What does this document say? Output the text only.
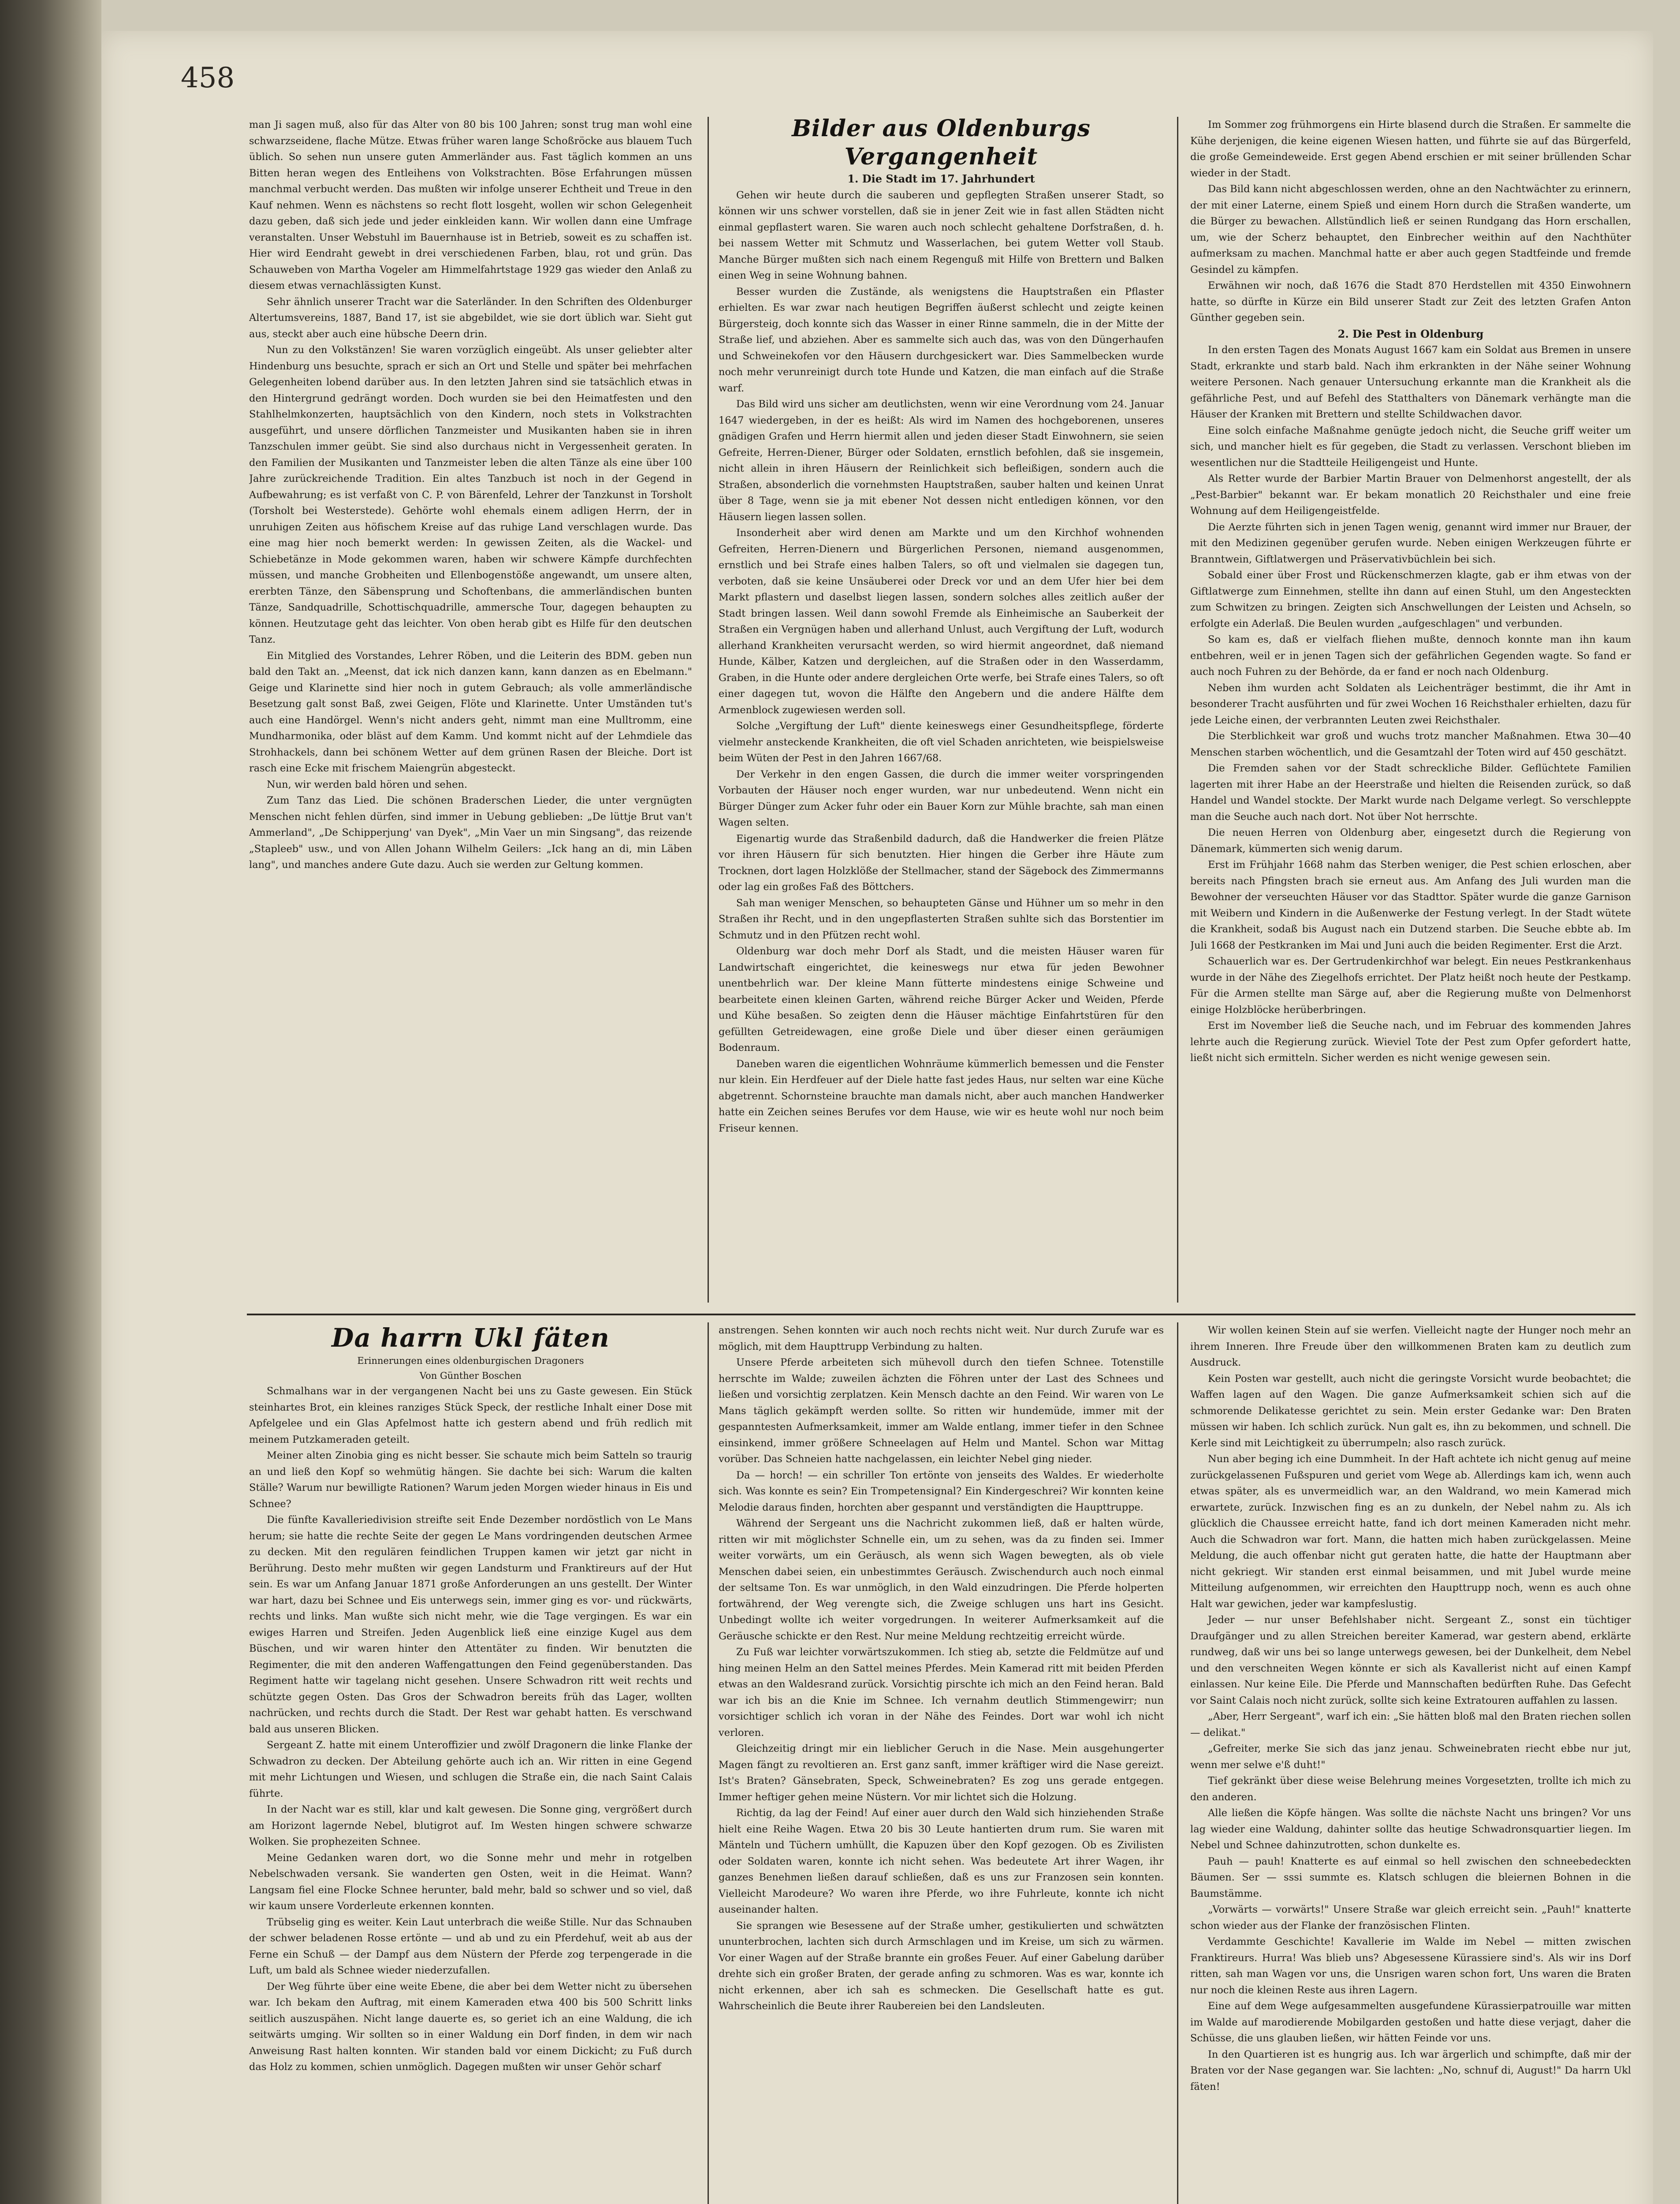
458

man Ji sagen muß, also für das Alter von 80 bis 100 Jahren; sonst trug man wohl eine schwarzseidene, flache Mütze. Etwas früher waren lange Schoßröcke aus blauem Tuch üblich. So sehen nun unsere guten Ammerländer aus. Fast täglich kommen an uns Bitten heran wegen des Entleihens von Volkstrachten. Böse Erfahrungen müssen manchmal verbucht werden. Das mußten wir infolge unserer Echtheit und Treue in den Kauf nehmen. Wenn es nächstens so recht flott losgeht, wollen wir schon Gelegenheit dazu geben, daß sich jede und jeder einkleiden kann. Wir wollen dann eine Umfrage veranstalten. Unser Webstuhl im Bauernhause ist in Betrieb, soweit es zu schaffen ist. Hier wird Eendraht gewebt in drei verschiedenen Farben, blau, rot und grün. Das Schauweben von Martha Vogeler am Himmelfahrtstage 1929 gas wieder den Anlaß zu diesem etwas vernachlässigten Kunst.

Sehr ähnlich unserer Tracht war die Saterländer. In den Schriften des Oldenburger Altertumsvereins, 1887, Band 17, ist sie abgebildet, wie sie dort üblich war. Sieht gut aus, steckt aber auch eine hübsche Deern drin.

Nun zu den Volkstänzen! Sie waren vorzüglich eingeübt. Als unser geliebter alter Hindenburg uns besuchte, sprach er sich an Ort und Stelle und später bei mehrfachen Gelegenheiten lobend darüber aus. In den letzten Jahren sind sie tatsächlich etwas in den Hintergrund gedrängt worden. Doch wurden sie bei den Heimatfesten und den Stahlhelmkonzerten, hauptsächlich von den Kindern, noch stets in Volkstrachten ausgeführt, und unsere dörflichen Tanzmeister und Musikanten haben sie in ihren Tanzschulen immer geübt. Sie sind also durchaus nicht in Vergessenheit geraten. In den Familien der Musikanten und Tanzmeister leben die alten Tänze als eine über 100 Jahre zurückreichende Tradition. Ein altes Tanzbuch ist noch in der Gegend in Aufbewahrung; es ist verfaßt von C. P. von Bärenfeld, Lehrer der Tanzkunst in Torsholt (Torsholt bei Westerstede). Gehörte wohl ehemals einem adligen Herrn, der in unruhigen Zeiten aus höfischem Kreise auf das ruhige Land verschlagen wurde. Das eine mag hier noch bemerkt werden: In gewissen Zeiten, als die Wackel- und Schiebetänze in Mode gekommen waren, haben wir schwere Kämpfe durchfechten müssen, und manche Grobheiten und Ellenbogenstöße angewandt, um unsere alten, ererbten Tänze, den Säbensprung und Schoftenbans, die ammerländischen bunten Tänze, Sandquadrille, Schottischquadrille, ammersche Tour, dagegen behaupten zu können. Heutzutage geht das leichter. Von oben herab gibt es Hilfe für den deutschen Tanz.

Ein Mitglied des Vorstandes, Lehrer Röben, und die Leiterin des BDM. geben nun bald den Takt an. „Meenst, dat ick nich danzen kann, kann danzen as en Ebelmann." Geige und Klarinette sind hier noch in gutem Gebrauch; als volle ammerländische Besetzung galt sonst Baß, zwei Geigen, Flöte und Klarinette. Unter Umständen tut's auch eine Handörgel. Wenn's nicht anders geht, nimmt man eine Mulltromm, eine Mundharmonika, oder bläst auf dem Kamm. Und kommt nicht auf der Lehmdiele das Strohhackels, dann bei schönem Wetter auf dem grünen Rasen der Bleiche. Dort ist rasch eine Ecke mit frischem Maiengrün abgesteckt.

Nun, wir werden bald hören und sehen.

Zum Tanz das Lied. Die schönen Braderschen Lieder, die unter vergnügten Menschen nicht fehlen dürfen, sind immer in Uebung geblieben: „De lüttje Brut van't Ammerland", „De Schipperjung' van Dyek", „Min Vaer un min Singsang", das reizende „Stapleeb" usw., und von Allen Johann Wilhelm Geilers: „Ick hang an di, min Läben lang", und manches andere Gute dazu. Auch sie werden zur Geltung kommen.

Bilder aus Oldenburgs Vergangenheit

1. Die Stadt im 17. Jahrhundert

Gehen wir heute durch die sauberen und gepflegten Straßen unserer Stadt, so können wir uns schwer vorstellen, daß sie in jener Zeit wie in fast allen Städten nicht einmal gepflastert waren. Sie waren auch noch schlecht gehaltene Dorfstraßen, d. h. bei nassem Wetter mit Schmutz und Wasserlachen, bei gutem Wetter voll Staub. Manche Bürger mußten sich nach einem Regenguß mit Hilfe von Brettern und Balken einen Weg in seine Wohnung bahnen.

Besser wurden die Zustände, als wenigstens die Hauptstraßen ein Pflaster erhielten. Es war zwar nach heutigen Begriffen äußerst schlecht und zeigte keinen Bürgersteig, doch konnte sich das Wasser in einer Rinne sammeln, die in der Mitte der Straße lief, und abziehen. Aber es sammelte sich auch das, was von den Düngerhaufen und Schweinekofen vor den Häusern durchgesickert war. Dies Sammelbecken wurde noch mehr verunreinigt durch tote Hunde und Katzen, die man einfach auf die Straße warf.

Das Bild wird uns sicher am deutlichsten, wenn wir eine Verordnung vom 24. Januar 1647 wiedergeben, in der es heißt: Als wird im Namen des hochgeborenen, unseres gnädigen Grafen und Herrn hiermit allen und jeden dieser Stadt Einwohnern, sie seien Gefreite, Herren-Diener, Bürger oder Soldaten, ernstlich befohlen, daß sie insgemein, nicht allein in ihren Häusern der Reinlichkeit sich befleißigen, sondern auch die Straßen, absonderlich die vornehmsten Hauptstraßen, sauber halten und keinen Unrat über 8 Tage, wenn sie ja mit ebener Not dessen nicht entledigen können, vor den Häusern liegen lassen sollen.

Insonderheit aber wird denen am Markte und um den Kirchhof wohnenden Gefreiten, Herren-Dienern und Bürgerlichen Personen, niemand ausgenommen, ernstlich und bei Strafe eines halben Talers, so oft und vielmalen sie dagegen tun, verboten, daß sie keine Unsäuberei oder Dreck vor und an dem Ufer hier bei dem Markt pflastern und daselbst liegen lassen, sondern solches alles zeitlich außer der Stadt bringen lassen. Weil dann sowohl Fremde als Einheimische an Sauberkeit der Straßen ein Vergnügen haben und allerhand Unlust, auch Vergiftung der Luft, wodurch allerhand Krankheiten verursacht werden, so wird hiermit angeordnet, daß niemand Hunde, Kälber, Katzen und dergleichen, auf die Straßen oder in den Wasserdamm, Graben, in die Hunte oder andere dergleichen Orte werfe, bei Strafe eines Talers, so oft einer dagegen tut, wovon die Hälfte den Angebern und die andere Hälfte dem Armenblock zugewiesen werden soll.

Solche „Vergiftung der Luft" diente keineswegs einer Gesundheitspflege, förderte vielmehr ansteckende Krankheiten, die oft viel Schaden anrichteten, wie beispielsweise beim Wüten der Pest in den Jahren 1667/68.

Der Verkehr in den engen Gassen, die durch die immer weiter vorspringenden Vorbauten der Häuser noch enger wurden, war nur unbedeutend. Wenn nicht ein Bürger Dünger zum Acker fuhr oder ein Bauer Korn zur Mühle brachte, sah man einen Wagen selten.

Eigenartig wurde das Straßenbild dadurch, daß die Handwerker die freien Plätze vor ihren Häusern für sich benutzten. Hier hingen die Gerber ihre Häute zum Trocknen, dort lagen Holzklöße der Stellmacher, stand der Sägebock des Zimmermanns oder lag ein großes Faß des Böttchers.

Sah man weniger Menschen, so behaupteten Gänse und Hühner um so mehr in den Straßen ihr Recht, und in den ungepflasterten Straßen suhlte sich das Borstentier im Schmutz und in den Pfützen recht wohl.

Oldenburg war doch mehr Dorf als Stadt, und die meisten Häuser waren für Landwirtschaft eingerichtet, die keineswegs nur etwa für jeden Bewohner unentbehrlich war. Der kleine Mann fütterte mindestens einige Schweine und bearbeitete einen kleinen Garten, während reiche Bürger Acker und Weiden, Pferde und Kühe besaßen. So zeigten denn die Häuser mächtige Einfahrtstüren für den gefüllten Getreidewagen, eine große Diele und über dieser einen geräumigen Bodenraum.

Daneben waren die eigentlichen Wohnräume kümmerlich bemessen und die Fenster nur klein. Ein Herdfeuer auf der Diele hatte fast jedes Haus, nur selten war eine Küche abgetrennt. Schornsteine brauchte man damals nicht, aber auch manchen Handwerker hatte ein Zeichen seines Berufes vor dem Hause, wie wir es heute wohl nur noch beim Friseur kennen.

Im Sommer zog frühmorgens ein Hirte blasend durch die Straßen. Er sammelte die Kühe derjenigen, die keine eigenen Wiesen hatten, und führte sie auf das Bürgerfeld, die große Gemeindeweide. Erst gegen Abend erschien er mit seiner brüllenden Schar wieder in der Stadt.

Das Bild kann nicht abgeschlossen werden, ohne an den Nachtwächter zu erinnern, der mit einer Laterne, einem Spieß und einem Horn durch die Straßen wanderte, um die Bürger zu bewachen. Allstündlich ließ er seinen Rundgang das Horn erschallen, um, wie der Scherz behauptet, den Einbrecher weithin auf den Nachthüter aufmerksam zu machen. Manchmal hatte er aber auch gegen Stadtfeinde und fremde Gesindel zu kämpfen.

Erwähnen wir noch, daß 1676 die Stadt 870 Herdstellen mit 4350 Einwohnern hatte, so dürfte in Kürze ein Bild unserer Stadt zur Zeit des letzten Grafen Anton Günther gegeben sein.

2. Die Pest in Oldenburg

In den ersten Tagen des Monats August 1667 kam ein Soldat aus Bremen in unsere Stadt, erkrankte und starb bald. Nach ihm erkrankten in der Nähe seiner Wohnung weitere Personen. Nach genauer Untersuchung erkannte man die Krankheit als die gefährliche Pest, und auf Befehl des Statthalters von Dänemark verhängte man die Häuser der Kranken mit Brettern und stellte Schildwachen davor.

Eine solch einfache Maßnahme genügte jedoch nicht, die Seuche griff weiter um sich, und mancher hielt es für gegeben, die Stadt zu verlassen. Verschont blieben im wesentlichen nur die Stadtteile Heiligengeist und Hunte.

Als Retter wurde der Barbier Martin Brauer von Delmenhorst angestellt, der als „Pest-Barbier" bekannt war. Er bekam monatlich 20 Reichsthaler und eine freie Wohnung auf dem Heiligengeistfelde.

Die Aerzte führten sich in jenen Tagen wenig, genannt wird immer nur Brauer, der mit den Medizinen gegenüber gerufen wurde. Neben einigen Werkzeugen führte er Branntwein, Giftlatwergen und Präservativbüchlein bei sich.

Sobald einer über Frost und Rückenschmerzen klagte, gab er ihm etwas von der Giftlatwerge zum Einnehmen, stellte ihn dann auf einen Stuhl, um den Angesteckten zum Schwitzen zu bringen. Zeigten sich Anschwellungen der Leisten und Achseln, so erfolgte ein Aderlaß. Die Beulen wurden „aufgeschlagen" und verbunden.

So kam es, daß er vielfach fliehen mußte, dennoch konnte man ihn kaum entbehren, weil er in jenen Tagen sich der gefährlichen Gegenden wagte. So fand er auch noch Fuhren zu der Behörde, da er fand er noch nach Oldenburg.

Neben ihm wurden acht Soldaten als Leichenträger bestimmt, die ihr Amt in besonderer Tracht ausführten und für zwei Wochen 16 Reichsthaler erhielten, dazu für jede Leiche einen, der verbrannten Leuten zwei Reichsthaler.

Die Sterblichkeit war groß und wuchs trotz mancher Maßnahmen. Etwa 30—40 Menschen starben wöchentlich, und die Gesamtzahl der Toten wird auf 450 geschätzt.

Die Fremden sahen vor der Stadt schreckliche Bilder. Geflüchtete Familien lagerten mit ihrer Habe an der Heerstraße und hielten die Reisenden zurück, so daß Handel und Wandel stockte. Der Markt wurde nach Delgame verlegt. So verschleppte man die Seuche auch nach dort. Not über Not herrschte.

Die neuen Herren von Oldenburg aber, eingesetzt durch die Regierung von Dänemark, kümmerten sich wenig darum.

Erst im Frühjahr 1668 nahm das Sterben weniger, die Pest schien erloschen, aber bereits nach Pfingsten brach sie erneut aus. Am Anfang des Juli wurden man die Bewohner der verseuchten Häuser vor das Stadttor. Später wurde die ganze Garnison mit Weibern und Kindern in die Außenwerke der Festung verlegt. In der Stadt wütete die Krankheit, sodaß bis August nach ein Dutzend starben. Die Seuche ebbte ab. Im Juli 1668 der Pestkranken im Mai und Juni auch die beiden Regimenter. Erst die Arzt.

Schauerlich war es. Der Gertrudenkirchhof war belegt. Ein neues Pestkrankenhaus wurde in der Nähe des Ziegelhofs errichtet. Der Platz heißt noch heute der Pestkamp. Für die Armen stellte man Särge auf, aber die Regierung mußte von Delmenhorst einige Holzblöcke herüberbringen.

Erst im November ließ die Seuche nach, und im Februar des kommenden Jahres lehrte auch die Regierung zurück. Wieviel Tote der Pest zum Opfer gefordert hatte, ließt nicht sich ermitteln. Sicher werden es nicht wenige gewesen sein.

Da harrn Ukl fäten

Erinnerungen eines oldenburgischen Dragoners

Von Günther Boschen

Schmalhans war in der vergangenen Nacht bei uns zu Gaste gewesen. Ein Stück steinhartes Brot, ein kleines ranziges Stück Speck, der restliche Inhalt einer Dose mit Apfelgelee und ein Glas Apfelmost hatte ich gestern abend und früh redlich mit meinem Putzkameraden geteilt.

Meiner alten Zinobia ging es nicht besser. Sie schaute mich beim Satteln so traurig an und ließ den Kopf so wehmütig hängen. Sie dachte bei sich: Warum die kalten Ställe? Warum nur bewilligte Rationen? Warum jeden Morgen wieder hinaus in Eis und Schnee?

Die fünfte Kavalleriedivision streifte seit Ende Dezember nordöstlich von Le Mans herum; sie hatte die rechte Seite der gegen Le Mans vordringenden deutschen Armee zu decken. Mit den regulären feindlichen Truppen kamen wir jetzt gar nicht in Berührung. Desto mehr mußten wir gegen Landsturm und Franktireurs auf der Hut sein. Es war um Anfang Januar 1871 große Anforderungen an uns gestellt. Der Winter war hart, dazu bei Schnee und Eis unterwegs sein, immer ging es vor- und rückwärts, rechts und links. Man wußte sich nicht mehr, wie die Tage vergingen. Es war ein ewiges Harren und Streifen. Jeden Augenblick ließ eine einzige Kugel aus dem Büschen, und wir waren hinter den Attentäter zu finden. Wir benutzten die Regimenter, die mit den anderen Waffengattungen den Feind gegenüberstanden. Das Regiment hatte wir tagelang nicht gesehen. Unsere Schwadron ritt weit rechts und schützte gegen Osten. Das Gros der Schwadron bereits früh das Lager, wollten nachrücken, und rechts durch die Stadt. Der Rest war gehabt hatten. Es verschwand bald aus unseren Blicken.

Sergeant Z. hatte mit einem Unteroffizier und zwölf Dragonern die linke Flanke der Schwadron zu decken. Der Abteilung gehörte auch ich an. Wir ritten in eine Gegend mit mehr Lichtungen und Wiesen, und schlugen die Straße ein, die nach Saint Calais führte.

In der Nacht war es still, klar und kalt gewesen. Die Sonne ging, vergrößert durch am Horizont lagernde Nebel, blutigrot auf. Im Westen hingen schwere schwarze Wolken. Sie prophezeiten Schnee.

Meine Gedanken waren dort, wo die Sonne mehr und mehr in rotgelben Nebelschwaden versank. Sie wanderten gen Osten, weit in die Heimat. Wann? Langsam fiel eine Flocke Schnee herunter, bald mehr, bald so schwer und so viel, daß wir kaum unsere Vorderleute erkennen konnten.

Trübselig ging es weiter. Kein Laut unterbrach die weiße Stille. Nur das Schnauben der schwer beladenen Rosse ertönte — und ab und zu ein Pferdehuf, weit ab aus der Ferne ein Schuß — der Dampf aus dem Nüstern der Pferde zog terpengerade in die Luft, um bald als Schnee wieder niederzufallen.

Der Weg führte über eine weite Ebene, die aber bei dem Wetter nicht zu übersehen war. Ich bekam den Auftrag, mit einem Kameraden etwa 400 bis 500 Schritt links seitlich auszuspähen. Nicht lange dauerte es, so geriet ich an eine Waldung, die ich seitwärts umging. Wir sollten so in einer Waldung ein Dorf finden, in dem wir nach Anweisung Rast halten konnten. Wir standen bald vor einem Dickicht; zu Fuß durch das Holz zu kommen, schien unmöglich. Dagegen mußten wir unser Gehör scharf

anstrengen. Sehen konnten wir auch noch rechts nicht weit. Nur durch Zurufe war es möglich, mit dem Haupttrupp Verbindung zu halten.

Unsere Pferde arbeiteten sich mühevoll durch den tiefen Schnee. Totenstille herrschte im Walde; zuweilen ächzten die Föhren unter der Last des Schnees und ließen und vorsichtig zerplatzen. Kein Mensch dachte an den Feind. Wir waren von Le Mans täglich gekämpft werden sollte. So ritten wir hundemüde, immer mit der gespanntesten Aufmerksamkeit, immer am Walde entlang, immer tiefer in den Schnee einsinkend, immer größere Schneelagen auf Helm und Mantel. Schon war Mittag vorüber. Das Schneien hatte nachgelassen, ein leichter Nebel ging nieder.

Da — horch! — ein schriller Ton ertönte von jenseits des Waldes. Er wiederholte sich. Was konnte es sein? Ein Trompetensignal? Ein Kindergeschrei? Wir konnten keine Melodie daraus finden, horchten aber gespannt und verständigten die Haupttruppe.

Während der Sergeant uns die Nachricht zukommen ließ, daß er halten würde, ritten wir mit möglichster Schnelle ein, um zu sehen, was da zu finden sei. Immer weiter vorwärts, um ein Geräusch, als wenn sich Wagen bewegten, als ob viele Menschen dabei seien, ein unbestimmtes Geräusch. Zwischendurch auch noch einmal der seltsame Ton. Es war unmöglich, in den Wald einzudringen. Die Pferde holperten fortwährend, der Weg verengte sich, die Zweige schlugen uns hart ins Gesicht. Unbedingt wollte ich weiter vorgedrungen. In weiterer Aufmerksamkeit auf die Geräusche schickte er den Rest. Nur meine Meldung rechtzeitig erreicht würde.

Zu Fuß war leichter vorwärtszukommen. Ich stieg ab, setzte die Feldmütze auf und hing meinen Helm an den Sattel meines Pferdes. Mein Kamerad ritt mit beiden Pferden etwas an den Waldesrand zurück. Vorsichtig pirschte ich mich an den Feind heran. Bald war ich bis an die Knie im Schnee. Ich vernahm deutlich Stimmengewirr; nun vorsichtiger schlich ich voran in der Nähe des Feindes. Dort war wohl ich nicht verloren.

Gleichzeitig dringt mir ein lieblicher Geruch in die Nase. Mein ausgehungerter Magen fängt zu revoltieren an. Erst ganz sanft, immer kräftiger wird die Nase gereizt. Ist's Braten? Gänsebraten, Speck, Schweinebraten? Es zog uns gerade entgegen. Immer heftiger gehen meine Nüstern. Vor mir lichtet sich die Holzung.

Richtig, da lag der Feind! Auf einer auer durch den Wald sich hinziehenden Straße hielt eine Reihe Wagen. Etwa 20 bis 30 Leute hantierten drum rum. Sie waren mit Mänteln und Tüchern umhüllt, die Kapuzen über den Kopf gezogen. Ob es Zivilisten oder Soldaten waren, konnte ich nicht sehen. Was bedeutete Art ihrer Wagen, ihr ganzes Benehmen ließen darauf schließen, daß es uns zur Franzosen sein konnten. Vielleicht Marodeure? Wo waren ihre Pferde, wo ihre Fuhrleute, konnte ich nicht auseinander halten.

Sie sprangen wie Besessene auf der Straße umher, gestikulierten und schwätzten ununterbrochen, lachten sich durch Armschlagen und im Kreise, um sich zu wärmen. Vor einer Wagen auf der Straße brannte ein großes Feuer. Auf einer Gabelung darüber drehte sich ein großer Braten, der gerade anfing zu schmoren. Was es war, konnte ich nicht erkennen, aber ich sah es schmecken. Die Gesellschaft hatte es gut. Wahrscheinlich die Beute ihrer Raubereien bei den Landsleuten.

Wir wollen keinen Stein auf sie werfen. Vielleicht nagte der Hunger noch mehr an ihrem Inneren. Ihre Freude über den willkommenen Braten kam zu deutlich zum Ausdruck.

Kein Posten war gestellt, auch nicht die geringste Vorsicht wurde beobachtet; die Waffen lagen auf den Wagen. Die ganze Aufmerksamkeit schien sich auf die schmorende Delikatesse gerichtet zu sein. Mein erster Gedanke war: Den Braten müssen wir haben. Ich schlich zurück. Nun galt es, ihn zu bekommen, und schnell. Die Kerle sind mit Leichtigkeit zu überrumpeln; also rasch zurück.

Nun aber beging ich eine Dummheit. In der Haft achtete ich nicht genug auf meine zurückgelassenen Fußspuren und geriet vom Wege ab. Allerdings kam ich, wenn auch etwas später, als es unvermeidlich war, an den Waldrand, wo mein Kamerad mich erwartete, zurück. Inzwischen fing es an zu dunkeln, der Nebel nahm zu. Als ich glücklich die Chaussee erreicht hatte, fand ich dort meinen Kameraden nicht mehr. Auch die Schwadron war fort. Mann, die hatten mich haben zurückgelassen. Meine Meldung, die auch offenbar nicht gut geraten hatte, die hatte der Hauptmann aber nicht gekriegt. Wir standen erst einmal beisammen, und mit Jubel wurde meine Mitteilung aufgenommen, wir erreichten den Haupttrupp noch, wenn es auch ohne Halt war gewichen, jeder war kampfeslustig.

Jeder — nur unser Befehlshaber nicht. Sergeant Z., sonst ein tüchtiger Draufgänger und zu allen Streichen bereiter Kamerad, war gestern abend, erklärte rundweg, daß wir uns bei so lange unterwegs gewesen, bei der Dunkelheit, dem Nebel und den verschneiten Wegen könnte er sich als Kavallerist nicht auf einen Kampf einlassen. Nur keine Eile. Die Pferde und Mannschaften bedürften Ruhe. Das Gefecht vor Saint Calais noch nicht zurück, sollte sich keine Extratouren auffahlen zu lassen.

„Aber, Herr Sergeant", warf ich ein: „Sie hätten bloß mal den Braten riechen sollen — delikat."

„Gefreiter, merke Sie sich das janz jenau. Schweinebraten riecht ebbe nur jut, wenn mer selwe e'ß duht!"

Tief gekränkt über diese weise Belehrung meines Vorgesetzten, trollte ich mich zu den anderen.

Alle ließen die Köpfe hängen. Was sollte die nächste Nacht uns bringen? Vor uns lag wieder eine Waldung, dahinter sollte das heutige Schwadronsquartier liegen. Im Nebel und Schnee dahinzutrotten, schon dunkelte es.

Pauh — pauh! Knatterte es auf einmal so hell zwischen den schneebedeckten Bäumen. Ser — sssi summte es. Klatsch schlugen die bleiernen Bohnen in die Baumstämme.

„Vorwärts — vorwärts!" Unsere Straße war gleich erreicht sein. „Pauh!" knatterte schon wieder aus der Flanke der französischen Flinten.

Verdammte Geschichte! Kavallerie im Walde im Nebel — mitten zwischen Franktireurs. Hurra! Was blieb uns? Abgesessene Kürassiere sind's. Als wir ins Dorf ritten, sah man Wagen vor uns, die Unsrigen waren schon fort, Uns waren die Braten nur noch die kleinen Reste aus ihren Lagern.

Eine auf dem Wege aufgesammelten ausgefundene Kürassierpatrouille war mitten im Walde auf marodierende Mobilgarden gestoßen und hatte diese verjagt, daher die Schüsse, die uns glauben ließen, wir hätten Feinde vor uns.

In den Quartieren ist es hungrig aus. Ich war ärgerlich und schimpfte, daß mir der Braten vor der Nase gegangen war. Sie lachten: „No, schnuf di, August!" Da harrn Ukl fäten!
